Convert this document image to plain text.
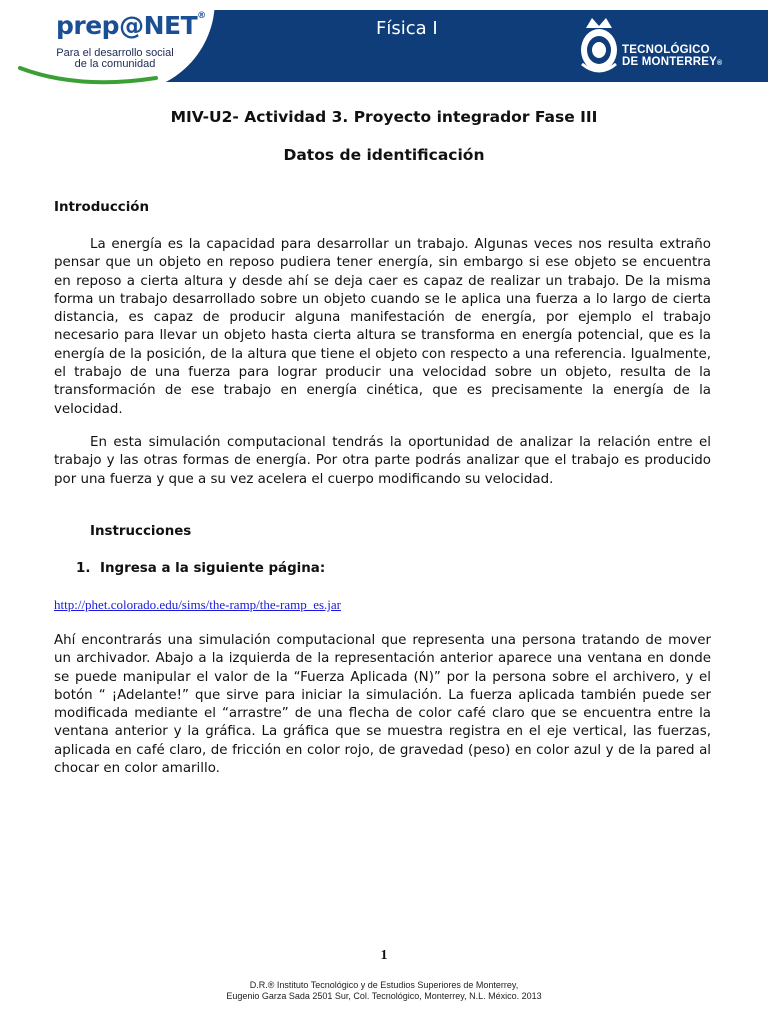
prep@NET®
Para el desarrollo social
de la comunidad
Física I
TECNOLÓGICO
DE MONTERREY®
MIV-U2- Actividad 3. Proyecto integrador Fase III
Datos de identificación
Introducción

La energía es la capacidad para desarrollar un trabajo. Algunas veces nos resulta extraño pensar que un objeto en reposo pudiera tener energía, sin embargo si ese objeto se encuentra en reposo a cierta altura y desde ahí se deja caer es capaz de realizar un trabajo. De la misma forma un trabajo desarrollado sobre un objeto cuando se le aplica una fuerza a lo largo de cierta distancia, es capaz de producir alguna manifestación de energía, por ejemplo el trabajo necesario para llevar un objeto hasta cierta altura se transforma en energía potencial, que es la energía de la posición, de la altura que tiene el objeto con respecto a una referencia. Igualmente, el trabajo de una fuerza para lograr producir una velocidad sobre un objeto, resulta de la transformación de ese trabajo en energía cinética, que es precisamente la energía de la velocidad.

En esta simulación computacional tendrás la oportunidad de analizar la relación entre el trabajo y las otras formas de energía. Por otra parte podrás analizar que el trabajo es producido por una fuerza y que a su vez acelera el cuerpo modificando su velocidad.

Instrucciones
1. Ingresa a la siguiente página:
http://phet.colorado.edu/sims/the-ramp/the-ramp_es.jar

Ahí encontrarás una simulación computacional que representa una persona tratando de mover un archivador. Abajo a la izquierda de la representación anterior aparece una ventana en donde se puede manipular el valor de la “Fuerza Aplicada (N)” por la persona sobre el archivero, y el botón “ ¡Adelante!” que sirve para iniciar la simulación. La fuerza aplicada también puede ser modificada mediante el “arrastre” de una flecha de color café claro que se encuentra entre la ventana anterior y la gráfica. La gráfica que se muestra registra en el eje vertical, las fuerzas, aplicada en café claro, de fricción en color rojo, de gravedad (peso) en color azul y de la pared al chocar en color amarillo.

1
D.R.® Instituto Tecnológico y de Estudios Superiores de Monterrey,
Eugenio Garza Sada 2501 Sur, Col. Tecnológico, Monterrey, N.L. México. 2013
